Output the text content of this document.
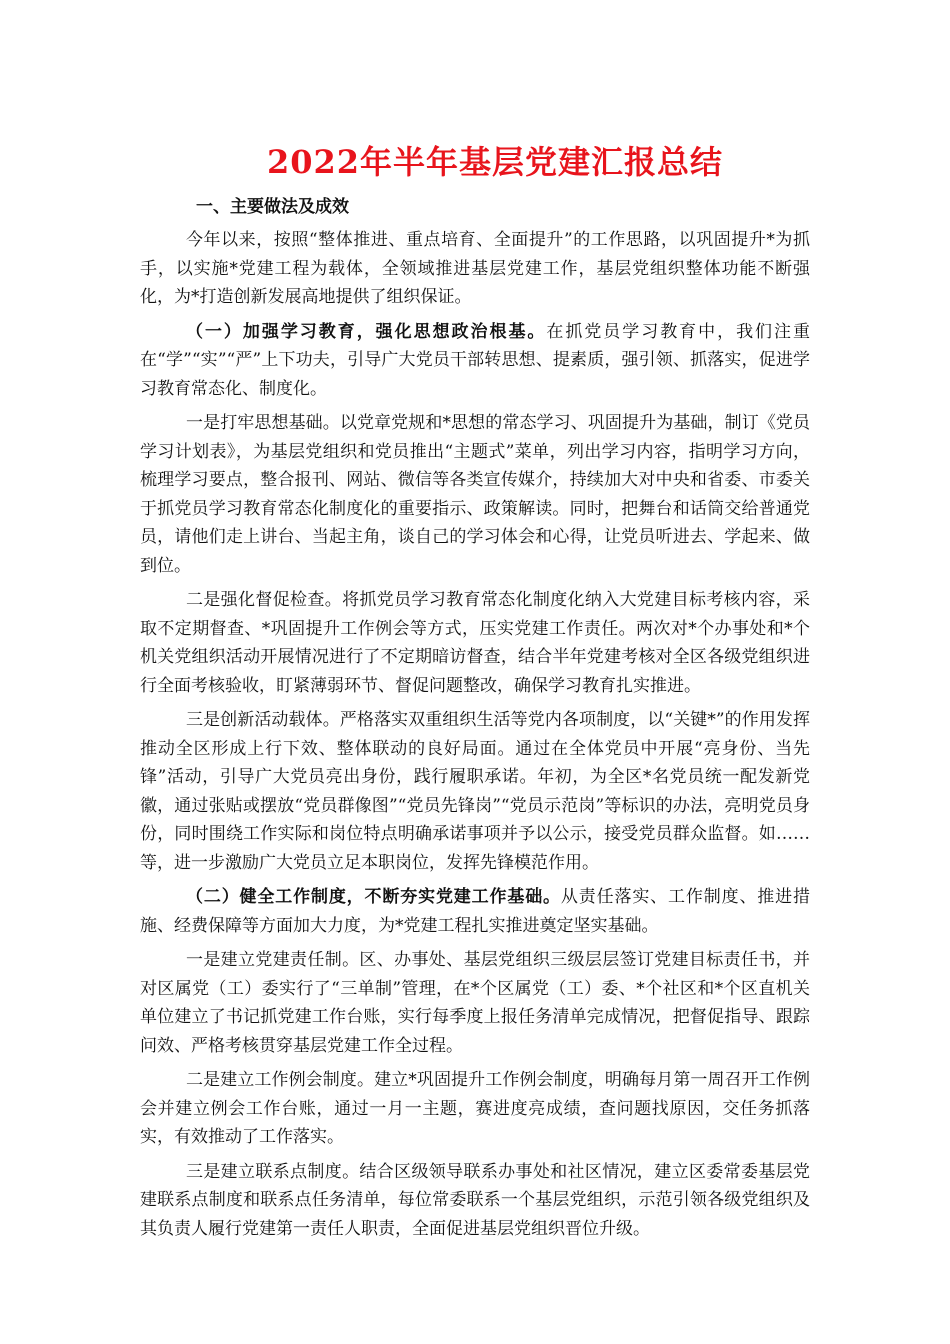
2022年半年基层党建汇报总结
一、主要做法及成效

今年以来，按照“整体推进、重点培育、全面提升”的工作思路，以巩固提升*为抓手，以实施*党建工程为载体，全领域推进基层党建工作，基层党组织整体功能不断强化，为*打造创新发展高地提供了组织保证。

（一）加强学习教育，强化思想政治根基。在抓党员学习教育中，我们注重在“学”“实”“严”上下功夫，引导广大党员干部转思想、提素质，强引领、抓落实，促进学习教育常态化、制度化。

一是打牢思想基础。以党章党规和*思想的常态学习、巩固提升为基础，制订《党员学习计划表》，为基层党组织和党员推出“主题式”菜单，列出学习内容，指明学习方向，梳理学习要点，整合报刊、网站、微信等各类宣传媒介，持续加大对中央和省委、市委关于抓党员学习教育常态化制度化的重要指示、政策解读。同时，把舞台和话筒交给普通党员，请他们走上讲台、当起主角，谈自己的学习体会和心得，让党员听进去、学起来、做到位。

二是强化督促检查。将抓党员学习教育常态化制度化纳入大党建目标考核内容，采取不定期督查、*巩固提升工作例会等方式，压实党建工作责任。两次对*个办事处和*个机关党组织活动开展情况进行了不定期暗访督查，结合半年党建考核对全区各级党组织进行全面考核验收，盯紧薄弱环节、督促问题整改，确保学习教育扎实推进。

三是创新活动载体。严格落实双重组织生活等党内各项制度，以“关键*”的作用发挥推动全区形成上行下效、整体联动的良好局面。通过在全体党员中开展“亮身份、当先锋”活动，引导广大党员亮出身份，践行履职承诺。年初，为全区*名党员统一配发新党徽，通过张贴或摆放“党员群像图”“党员先锋岗”“党员示范岗”等标识的办法，亮明党员身份，同时围绕工作实际和岗位特点明确承诺事项并予以公示，接受党员群众监督。如……等，进一步激励广大党员立足本职岗位，发挥先锋模范作用。

（二）健全工作制度，不断夯实党建工作基础。从责任落实、工作制度、推进措施、经费保障等方面加大力度，为*党建工程扎实推进奠定坚实基础。

一是建立党建责任制。区、办事处、基层党组织三级层层签订党建目标责任书，并对区属党（工）委实行了“三单制”管理，在*个区属党（工）委、*个社区和*个区直机关单位建立了书记抓党建工作台账，实行每季度上报任务清单完成情况，把督促指导、跟踪问效、严格考核贯穿基层党建工作全过程。

二是建立工作例会制度。建立*巩固提升工作例会制度，明确每月第一周召开工作例会并建立例会工作台账，通过一月一主题，赛进度亮成绩，查问题找原因，交任务抓落实，有效推动了工作落实。

三是建立联系点制度。结合区级领导联系办事处和社区情况，建立区委常委基层党建联系点制度和联系点任务清单，每位常委联系一个基层党组织，示范引领各级党组织及其负责人履行党建第一责任人职责，全面促进基层党组织晋位升级。
